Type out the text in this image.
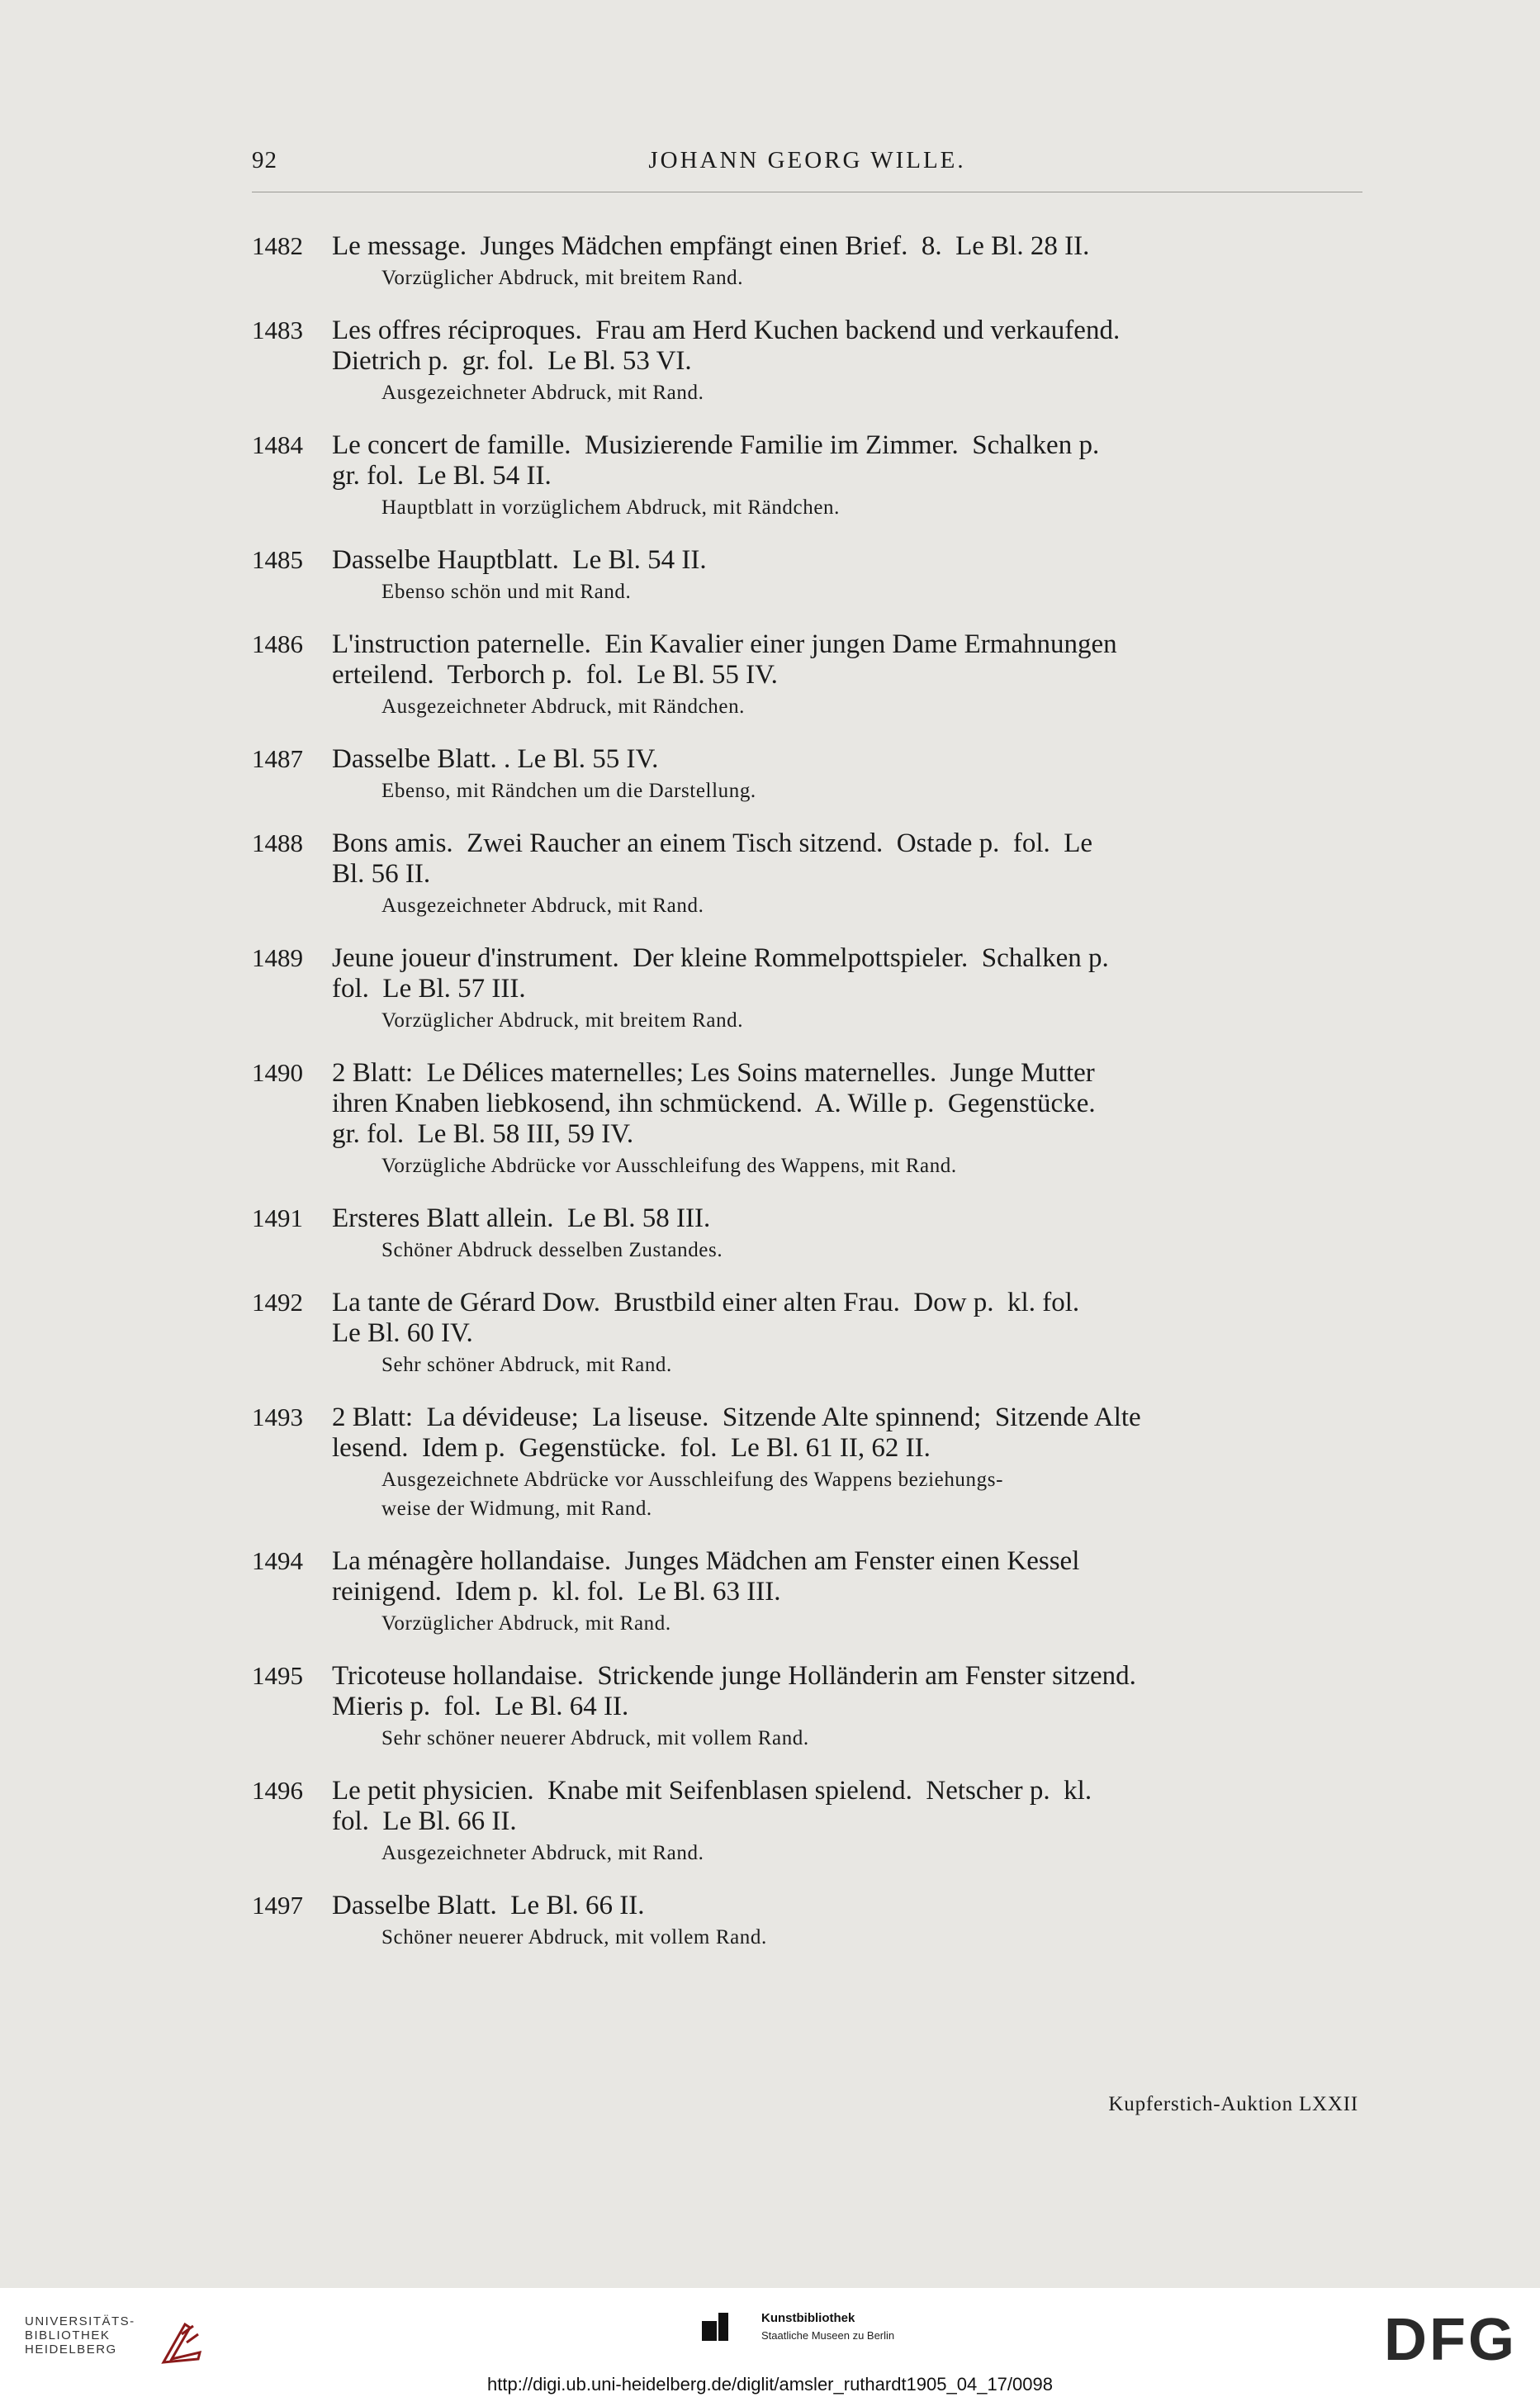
92	JOHANN GEORG WILLE.
1482 Le message.  Junges Mädchen empfängt einen Brief.  8.  Le Bl. 28 II.
Vorzüglicher Abdruck, mit breitem Rand.
1483 Les offres réciproques.  Frau am Herd Kuchen backend und verkaufend.
Dietrich p.  gr. fol.  Le Bl. 53 VI.
Ausgezeichneter Abdruck, mit Rand.
1484 Le concert de famille.  Musizierende Familie im Zimmer.  Schalken p.
gr. fol.  Le Bl. 54 II.
Hauptblatt in vorzüglichem Abdruck, mit Rändchen.
1485 Dasselbe Hauptblatt.  Le Bl. 54 II.
Ebenso schön und mit Rand.
1486 L'instruction paternelle.  Ein Kavalier einer jungen Dame Ermahnungen
erteilend.  Terborch p.  fol.  Le Bl. 55 IV.
Ausgezeichneter Abdruck, mit Rändchen.
1487 Dasselbe Blatt. . Le Bl. 55 IV.
Ebenso, mit Rändchen um die Darstellung.
1488 Bons amis.  Zwei Raucher an einem Tisch sitzend.  Ostade p.  fol.  Le
Bl. 56 II.
Ausgezeichneter Abdruck, mit Rand.
1489 Jeune joueur d'instrument.  Der kleine Rommelpottspieler.  Schalken p.
fol.  Le Bl. 57 III.
Vorzüglicher Abdruck, mit breitem Rand.
1490 2 Blatt:  Le Délices maternelles; Les Soins maternelles.  Junge Mutter
ihren Knaben liebkosend, ihn schmückend.  A. Wille p.  Gegenstücke.
gr. fol.  Le Bl. 58 III, 59 IV.
Vorzügliche Abdrücke vor Ausschleifung des Wappens, mit Rand.
1491 Ersteres Blatt allein.  Le Bl. 58 III.
Schöner Abdruck desselben Zustandes.
1492 La tante de Gérard Dow.  Brustbild einer alten Frau.  Dow p.  kl. fol.
Le Bl. 60 IV.
Sehr schöner Abdruck, mit Rand.
1493 2 Blatt:  La dévideuse;  La liseuse.  Sitzende Alte spinnend;  Sitzende Alte
lesend.  Idem p.  Gegenstücke.  fol.  Le Bl. 61 II, 62 II.
Ausgezeichnete Abdrücke vor Ausschleifung des Wappens beziehungs-
weise der Widmung, mit Rand.
1494 La ménagère hollandaise.  Junges Mädchen am Fenster einen Kessel
reinigend.  Idem p.  kl. fol.  Le Bl. 63 III.
Vorzüglicher Abdruck, mit Rand.
1495 Tricoteuse hollandaise.  Strickende junge Holländerin am Fenster sitzend.
Mieris p.  fol.  Le Bl. 64 II.
Sehr schöner neuerer Abdruck, mit vollem Rand.
1496 Le petit physicien.  Knabe mit Seifenblasen spielend.  Netscher p.  kl.
fol.  Le Bl. 66 II.
Ausgezeichneter Abdruck, mit Rand.
1497 Dasselbe Blatt.  Le Bl. 66 II.
Schöner neuerer Abdruck, mit vollem Rand.
Kupferstich-Auktion LXXII
UNIVERSITÄTS-
BIBLIOTHEK
HEIDELBERG
Kunstbibliothek
Staatliche Museen zu Berlin	DFG
http://digi.ub.uni-heidelberg.de/diglit/amsler_ruthardt1905_04_17/0098
